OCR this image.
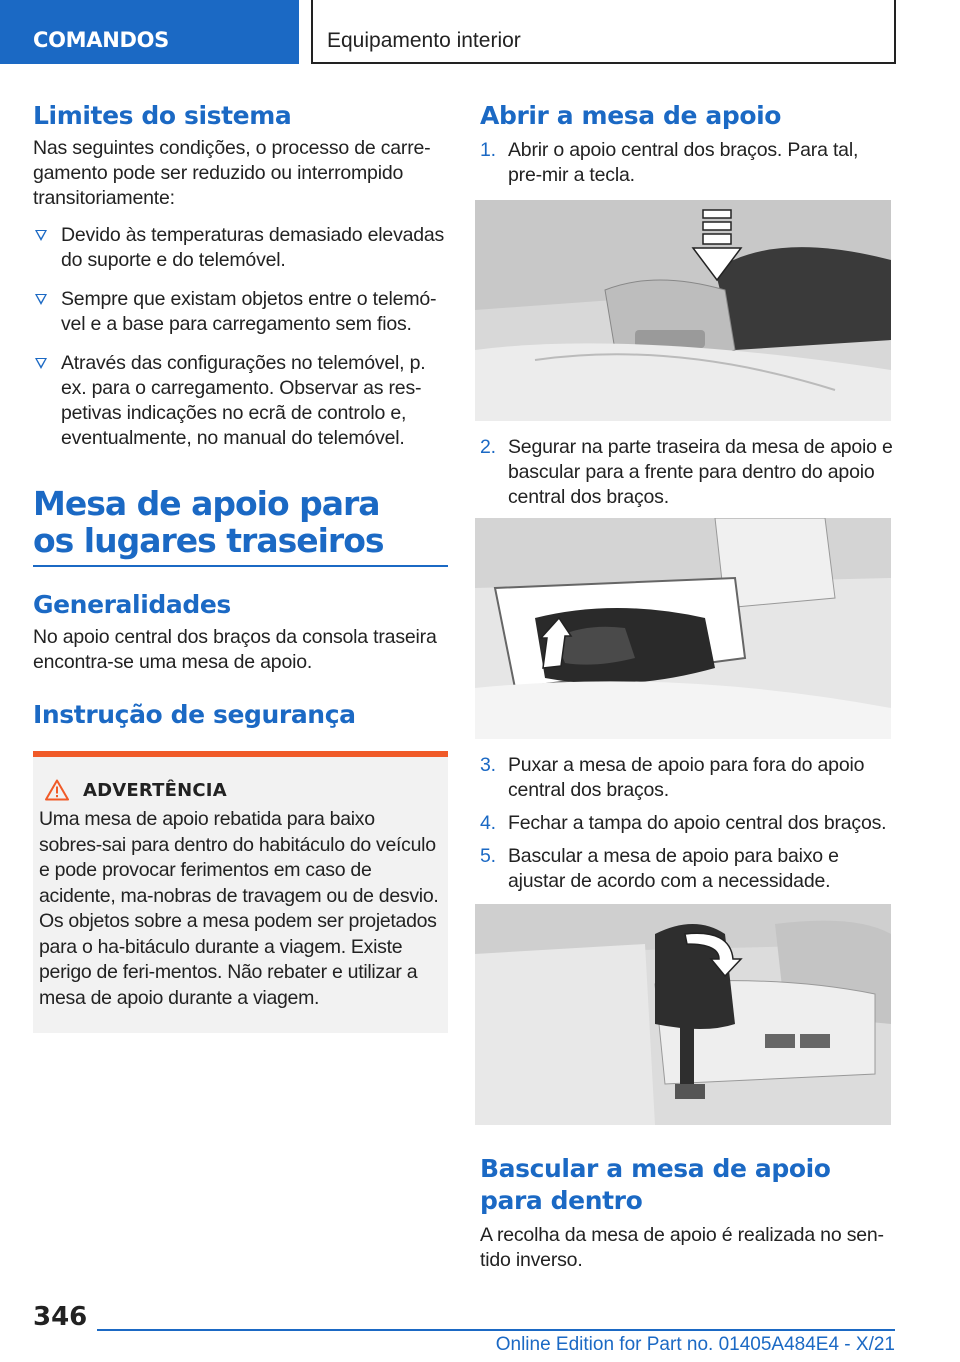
COMANDOS	Equipamento interior
Limites do sistema
Nas seguintes condições, o processo de carre-gamento pode ser reduzido ou interrompido transitoriamente:
Devido às temperaturas demasiado elevadas do suporte e do telemóvel.
Sempre que existam objetos entre o telemó-vel e a base para carregamento sem fios.
Através das configurações no telemóvel, p. ex. para o carregamento. Observar as res-petivas indicações no ecrã de controlo e, eventualmente, no manual do telemóvel.
Mesa de apoio para os lugares traseiros
Generalidades
No apoio central dos braços da consola traseira encontra-se uma mesa de apoio.
Instrução de segurança
ADVERTÊNCIA
Uma mesa de apoio rebatida para baixo sobres-sai para dentro do habitáculo do veículo e pode provocar ferimentos em caso de acidente, ma-nobras de travagem ou de desvio. Os objetos sobre a mesa podem ser projetados para o ha-bitáculo durante a viagem. Existe perigo de feri-mentos. Não rebater e utilizar a mesa de apoio durante a viagem.
Abrir a mesa de apoio
1. Abrir o apoio central dos braços. Para tal, pre-mir a tecla.
2. Segurar na parte traseira da mesa de apoio e bascular para a frente para dentro do apoio central dos braços.
3. Puxar a mesa de apoio para fora do apoio central dos braços.
4. Fechar a tampa do apoio central dos braços.
5. Bascular a mesa de apoio para baixo e ajustar de acordo com a necessidade.
Bascular a mesa de apoio para dentro
A recolha da mesa de apoio é realizada no sen-tido inverso.
346
Online Edition for Part no. 01405A484E4 - X/21
